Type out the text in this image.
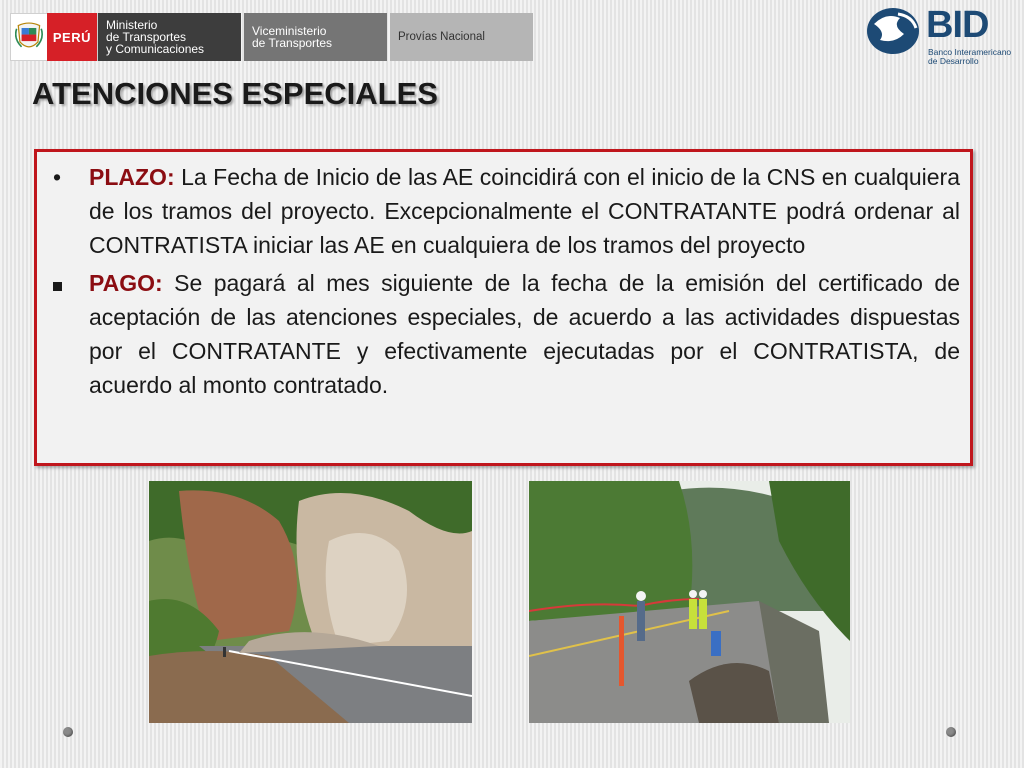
PERÚ
Ministerio
de Transportes
y Comunicaciones
Viceministerio
de Transportes	Provías Nacional	BID
Banco Interamericano
de Desarrollo
ATENCIONES ESPECIALES
•	PLAZO: La Fecha de Inicio de las AE coincidirá con el inicio de la CNS en cualquiera de los tramos del proyecto. Excepcionalmente el CONTRATANTE podrá ordenar al CONTRATISTA iniciar las AE en cualquiera de los tramos del proyecto
PAGO: Se pagará al mes siguiente de la fecha de la emisión del certificado de aceptación de las atenciones especiales, de acuerdo a las actividades dispuestas por el CONTRATANTE y efectivamente ejecutadas por el CONTRATISTA, de acuerdo al monto contratado.
